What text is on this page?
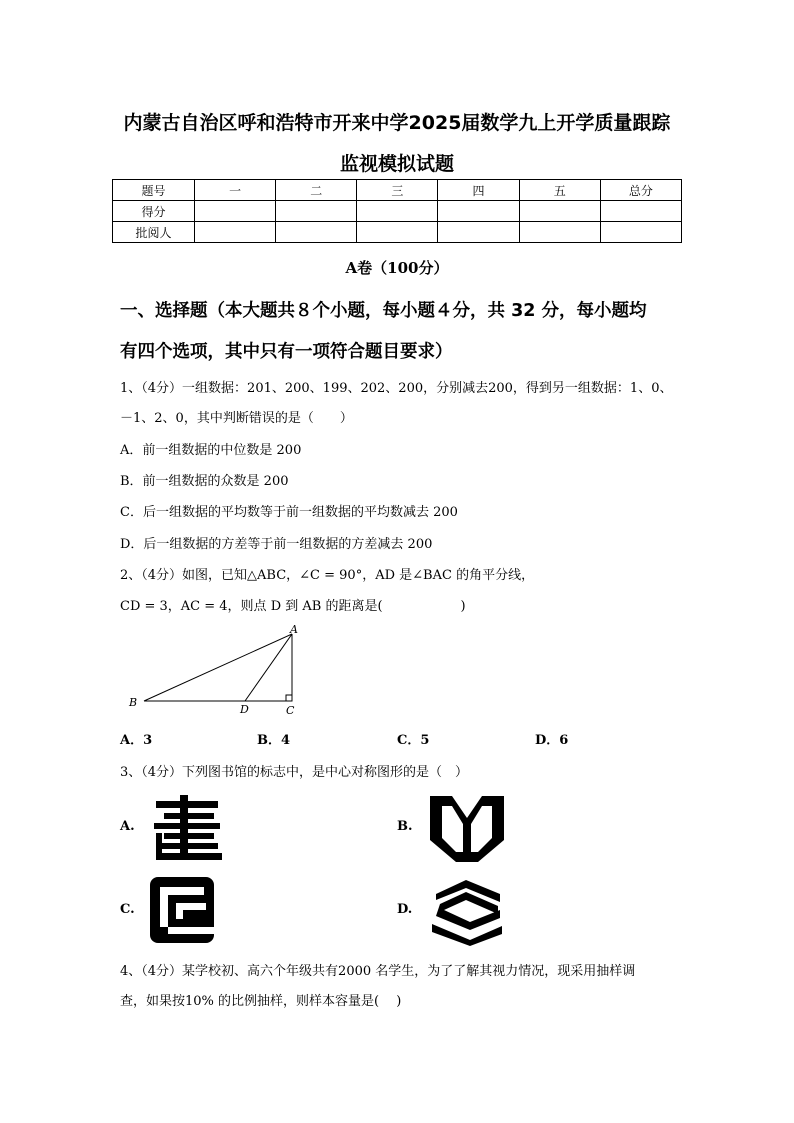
内蒙古自治区呼和浩特市开来中学2025届数学九上开学质量跟踪
监视模拟试题
题号	一	二	三	四	五	总分
得分						
批阅人						
A卷（100分）
一、选择题（本大题共８个小题，每小题４分，共 32 分，每小题均
有四个选项，其中只有一项符合题目要求）
1、（4分）一组数据：201、200、199、202、200，分别减去200，得到另一组数据：1、0、
－1、2、0，其中判断错误的是（　　）
A．前一组数据的中位数是 200
B．前一组数据的众数是 200
C．后一组数据的平均数等于前一组数据的平均数减去 200
D．后一组数据的方差等于前一组数据的方差减去 200
2、（4分）如图，已知△ABC，∠C = 90°，AD 是∠BAC 的角平分线，
CD = 3，AC = 4，则点 D 到 AB 的距离是(　　　　　　)
A
B
C
D
A．3	B．4	C．5	D．6
3、（4分）下列图书馆的标志中，是中心对称图形的是（　）
A.	B.
C.	D.
4、（4分）某学校初、高六个年级共有2000 名学生，为了了解其视力情况，现采用抽样调
查，如果按10% 的比例抽样，则样本容量是(　 )
